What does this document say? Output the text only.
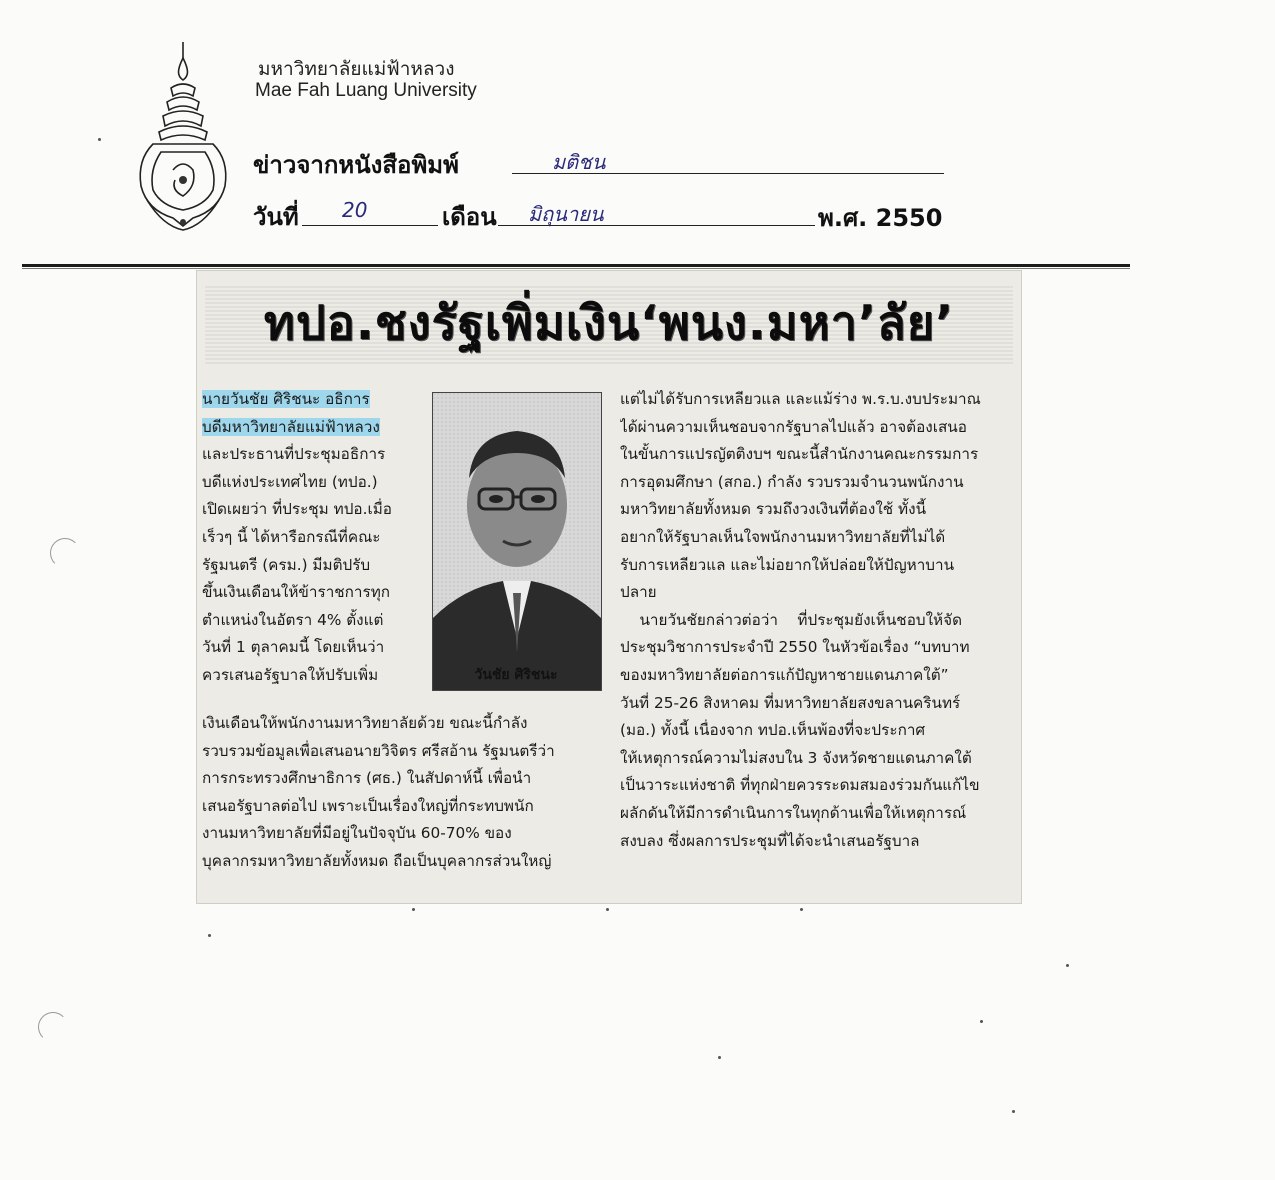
มหาวิทยาลัยแม่ฟ้าหลวง
Mae Fah Luang University
ข่าวจากหนังสือพิมพ์	มติชน
วันที่ 20	เดือน มิถุนายน	พ.ศ. 2550
ทปอ.ชงรัฐเพิ่มเงิน‘พนง.มหา’ลัย’
นายวันชัย ศิริชนะ อธิการ
บดีมหาวิทยาลัยแม่ฟ้าหลวง
และประธานที่ประชุมอธิการ
บดีแห่งประเทศไทย (ทปอ.)
เปิดเผยว่า ที่ประชุม ทปอ.เมื่อ
เร็วๆ นี้ ได้หารือกรณีที่คณะ
รัฐมนตรี (ครม.) มีมติปรับ
ขึ้นเงินเดือนให้ข้าราชการทุก
ตำแหน่งในอัตรา 4% ตั้งแต่
วันที่ 1 ตุลาคมนี้ โดยเห็นว่า
ควรเสนอรัฐบาลให้ปรับเพิ่ม	วันชัย ศิริชนะ
เงินเดือนให้พนักงานมหาวิทยาลัยด้วย ขณะนี้กำลัง
รวบรวมข้อมูลเพื่อเสนอนายวิจิตร ศรีสอ้าน รัฐมนตรีว่า
การกระทรวงศึกษาธิการ (ศธ.) ในสัปดาห์นี้ เพื่อนำ
เสนอรัฐบาลต่อไป เพราะเป็นเรื่องใหญ่ที่กระทบพนัก
งานมหาวิทยาลัยที่มีอยู่ในปัจจุบัน 60-70% ของ
บุคลากรมหาวิทยาลัยทั้งหมด ถือเป็นบุคลากรส่วนใหญ่
แต่ไม่ได้รับการเหลียวแล และแม้ร่าง พ.ร.บ.งบประมาณ
ได้ผ่านความเห็นชอบจากรัฐบาลไปแล้ว อาจต้องเสนอ
ในขั้นการแปรญัตติงบฯ ขณะนี้สำนักงานคณะกรรมการ
การอุดมศึกษา (สกอ.) กำลัง รวบรวมจำนวนพนักงาน
มหาวิทยาลัยทั้งหมด รวมถึงวงเงินที่ต้องใช้ ทั้งนี้
อยากให้รัฐบาลเห็นใจพนักงานมหาวิทยาลัยที่ไม่ได้
รับการเหลียวแล และไม่อยากให้ปล่อยให้ปัญหาบาน
ปลาย
นายวันชัยกล่าวต่อว่า    ที่ประชุมยังเห็นชอบให้จัด
ประชุมวิชาการประจำปี 2550 ในหัวข้อเรื่อง “บทบาท
ของมหาวิทยาลัยต่อการแก้ปัญหาชายแดนภาคใต้”
วันที่ 25-26 สิงหาคม ที่มหาวิทยาลัยสงขลานครินทร์
(มอ.) ทั้งนี้ เนื่องจาก ทปอ.เห็นพ้องที่จะประกาศ
ให้เหตุการณ์ความไม่สงบใน 3 จังหวัดชายแดนภาคใต้
เป็นวาระแห่งชาติ ที่ทุกฝ่ายควรระดมสมองร่วมกันแก้ไข
ผลักดันให้มีการดำเนินการในทุกด้านเพื่อให้เหตุการณ์
สงบลง ซึ่งผลการประชุมที่ได้จะนำเสนอรัฐบาล
